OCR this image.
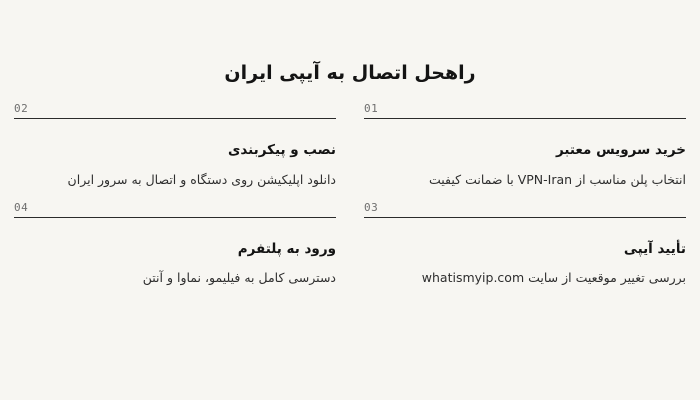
راهحل اتصال به آیپی ایران
01
خرید سرویس معتبر
انتخاب پلن مناسب از VPN-Iran با ضمانت کیفیت
02
نصب و پیکربندی
دانلود اپلیکیشن روی دستگاه و اتصال به سرور ایران
03
تأیید آیپی
بررسی تغییر موقعیت از سایت whatismyip.com
04
ورود به پلتفرم
دسترسی کامل به فیلیمو، نماوا و آنتن
